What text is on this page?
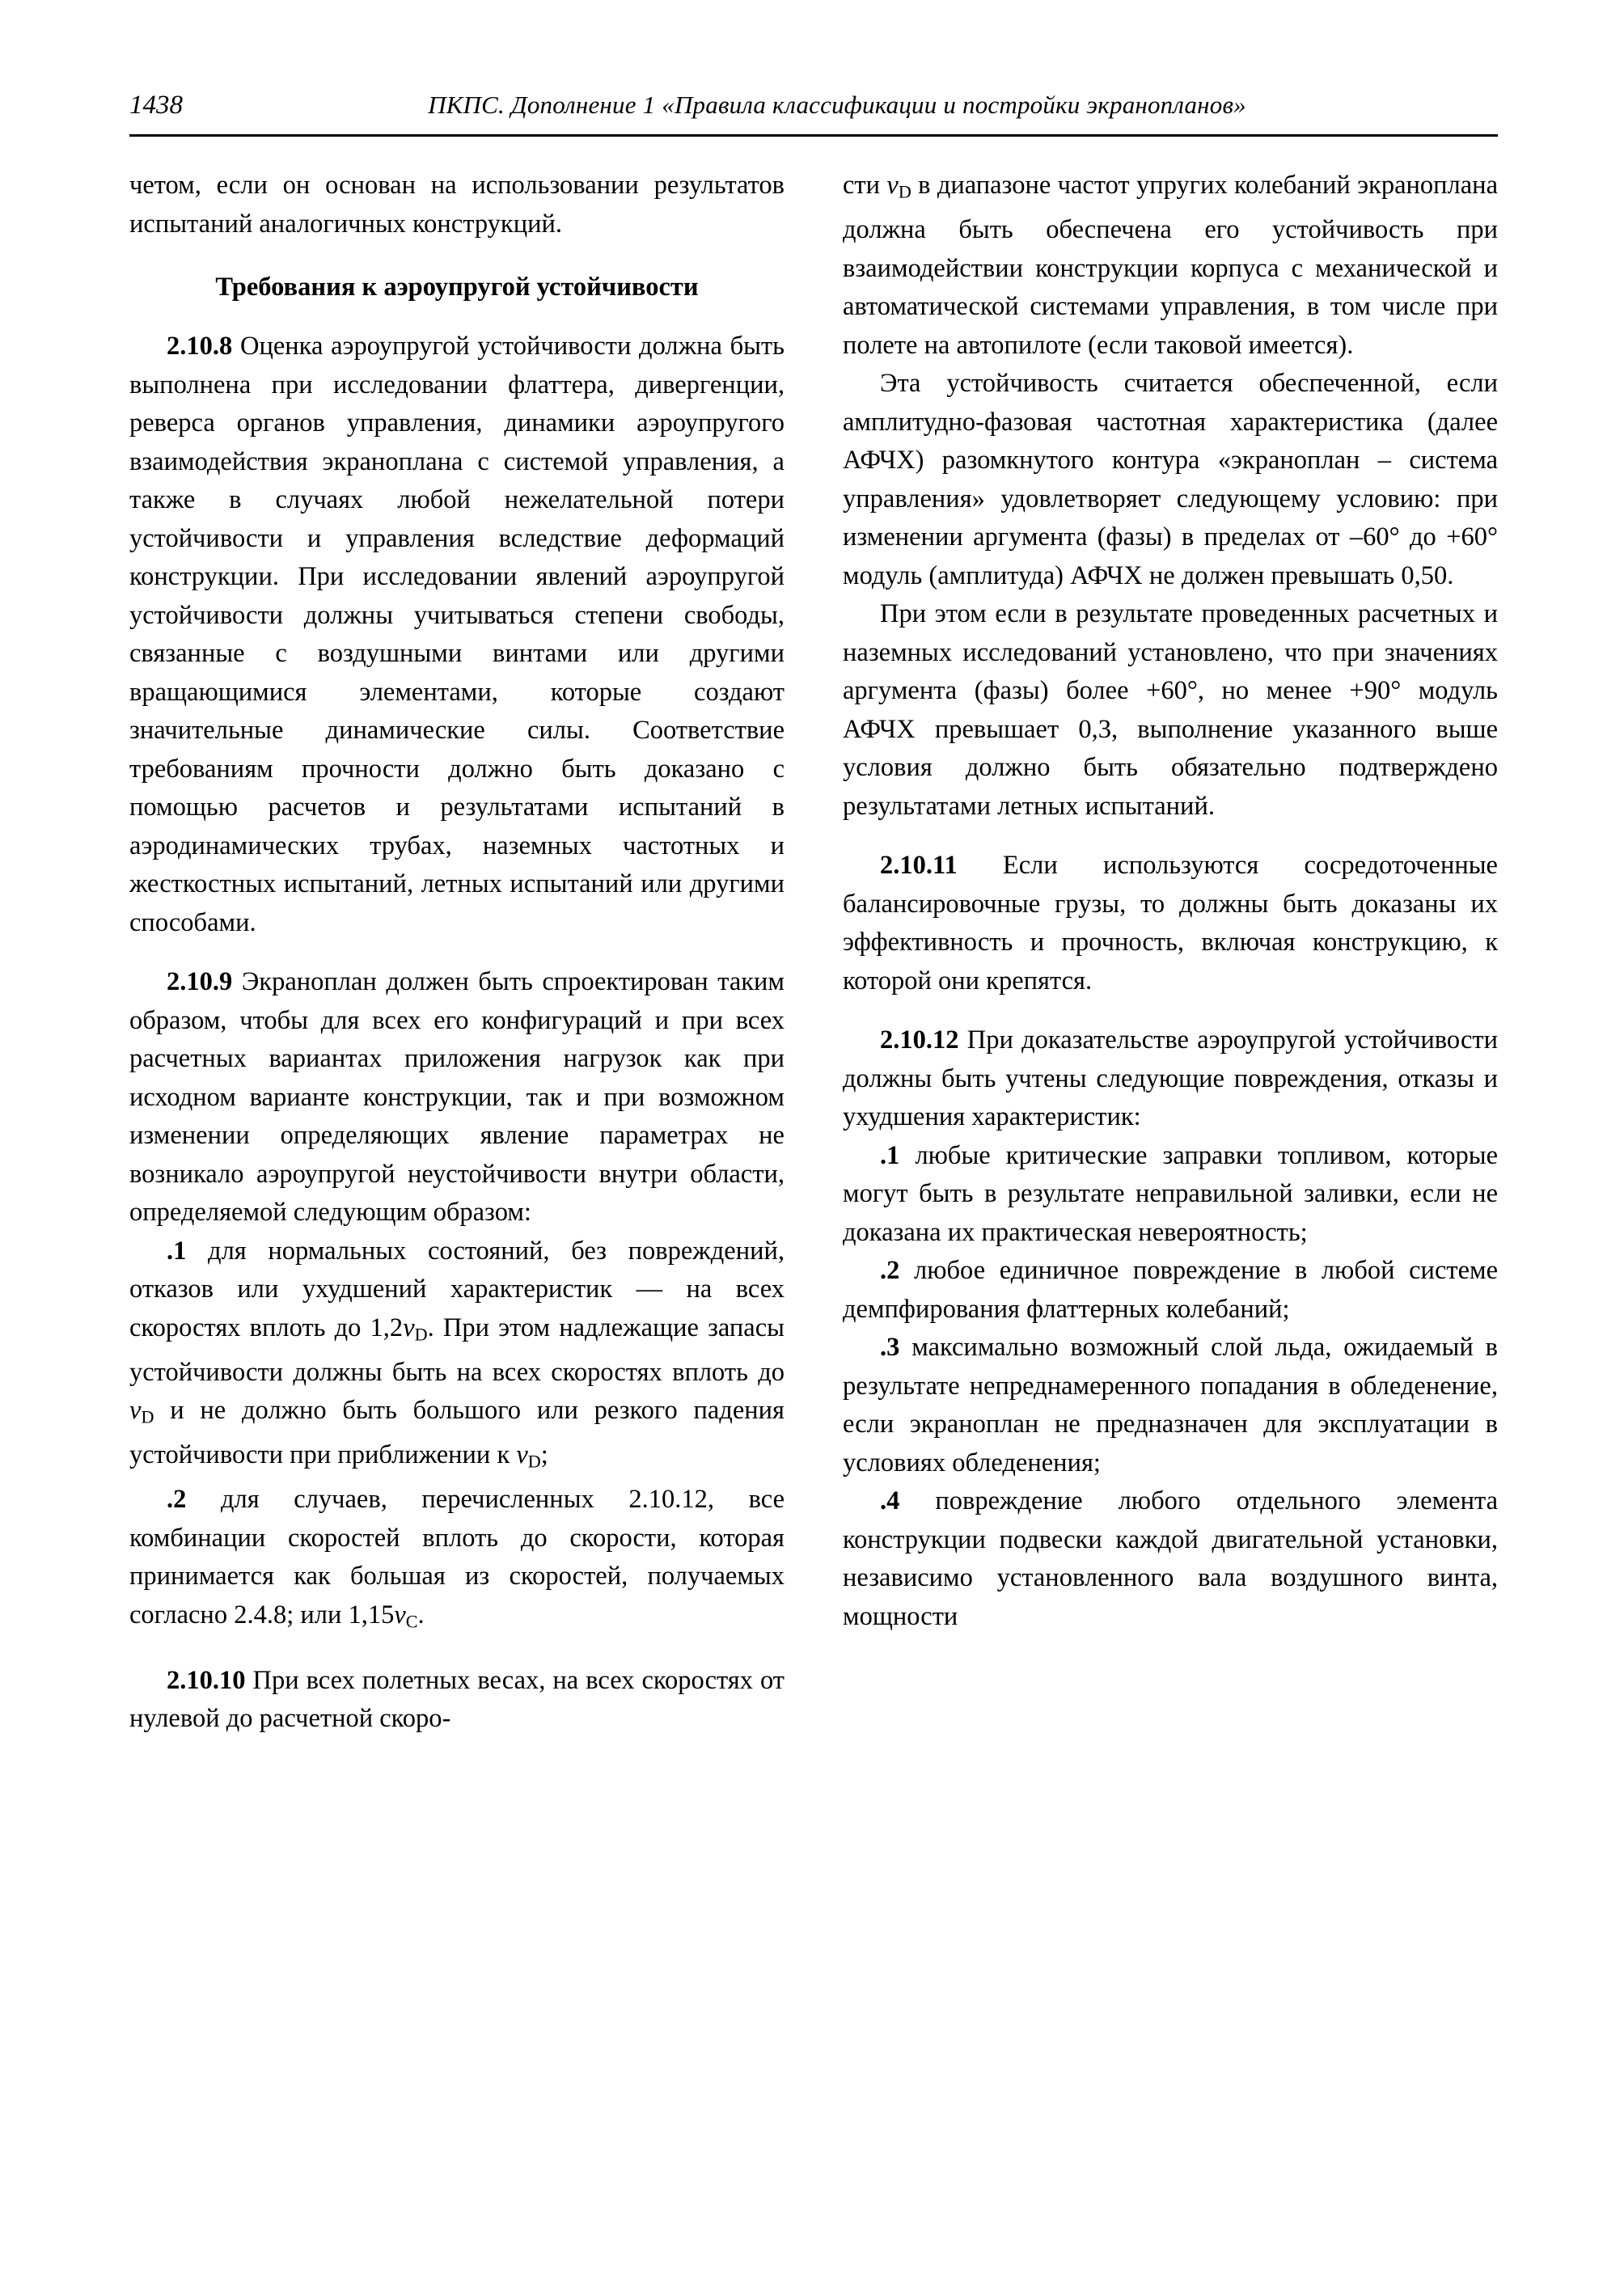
1438	ПКПС. Дополнение 1 «Правила классификации и постройки экранопланов»

четом, если он основан на использовании результатов испытаний аналогичных конструкций.

Требования к аэроупругой устойчивости

2.10.8 Оценка аэроупругой устойчивости должна быть выполнена при исследовании флаттера, дивергенции, реверса органов управления, динамики аэроупругого взаимодействия экраноплана с системой управления, а также в случаях любой нежелательной потери устойчивости и управления вследствие деформаций конструкции. При исследовании явлений аэроупругой устойчивости должны учитываться степени свободы, связанные с воздушными винтами или другими вращающимися элементами, которые создают значительные динамические силы. Соответствие требованиям прочности должно быть доказано с помощью расчетов и результатами испытаний в аэродинамических трубах, наземных частотных и жесткостных испытаний, летных испытаний или другими способами.

2.10.9 Экраноплан должен быть спроектирован таким образом, чтобы для всех его конфигураций и при всех расчетных вариантах приложения нагрузок как при исходном варианте конструкции, так и при возможном изменении определяющих явление параметрах не возникало аэроупругой неустойчивости внутри области, определяемой следующим образом:

.1 для нормальных состояний, без повреждений, отказов или ухудшений характеристик — на всех скоростях вплоть до $1,2v_D$. При этом надлежащие запасы устойчивости должны быть на всех скоростях вплоть до $v_D$ и не должно быть большого или резкого падения устойчивости при приближении к $v_D$;

.2 для случаев, перечисленных 2.10.12, все комбинации скоростей вплоть до скорости, которая принимается как большая из скоростей, получаемых согласно 2.4.8; или $1,15v_C$.

2.10.10 При всех полетных весах, на всех скоростях от нулевой до расчетной скоро-

сти $v_D$ в диапазоне частот упругих колебаний экраноплана должна быть обеспечена его устойчивость при взаимодействии конструкции корпуса с механической и автоматической системами управления, в том числе при полете на автопилоте (если таковой имеется).

Эта устойчивость считается обеспеченной, если амплитудно-фазовая частотная характеристика (далее АФЧХ) разомкнутого контура «экраноплан – система управления» удовлетворяет следующему условию: при изменении аргумента (фазы) в пределах от –60° до +60° модуль (амплитуда) АФЧХ не должен превышать 0,50.

При этом если в результате проведенных расчетных и наземных исследований установлено, что при значениях аргумента (фазы) более +60°, но менее +90° модуль АФЧХ превышает 0,3, выполнение указанного выше условия должно быть обязательно подтверждено результатами летных испытаний.

2.10.11 Если используются сосредоточенные балансировочные грузы, то должны быть доказаны их эффективность и прочность, включая конструкцию, к которой они крепятся.

2.10.12 При доказательстве аэроупругой устойчивости должны быть учтены следующие повреждения, отказы и ухудшения характеристик:

.1 любые критические заправки топливом, которые могут быть в результате неправильной заливки, если не доказана их практическая невероятность;

.2 любое единичное повреждение в любой системе демпфирования флаттерных колебаний;

.3 максимально возможный слой льда, ожидаемый в результате непреднамеренного попадания в обледенение, если экраноплан не предназначен для эксплуатации в условиях обледенения;

.4 повреждение любого отдельного элемента конструкции подвески каждой двигательной установки, независимо установленного вала воздушного винта, мощности
